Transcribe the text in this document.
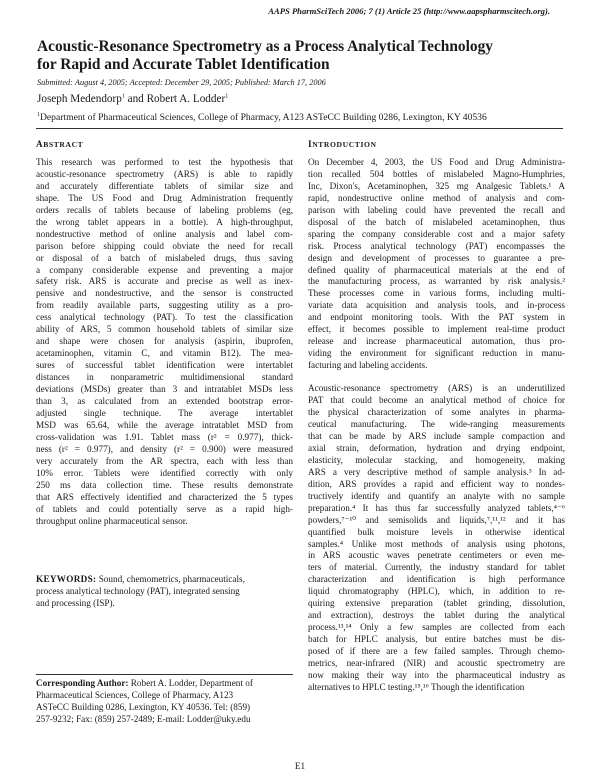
AAPS PharmSciTech 2006; 7 (1) Article 25 (http://www.aapspharmscitech.org).
Acoustic-Resonance Spectrometry as a Process Analytical Technology
for Rapid and Accurate Tablet Identification
Submitted: August 4, 2005; Accepted: December 29, 2005; Published: March 17, 2006
Joseph Medendorp$^1$ and Robert A. Lodder$^1$
$^1$Department of Pharmaceutical Sciences, College of Pharmacy, A123 ASTeCC Building 0286, Lexington, KY 40536
ABSTRACT
This research was performed to test the hypothesis that
acoustic-resonance spectrometry (ARS) is able to rapidly
and accurately differentiate tablets of similar size and
shape. The US Food and Drug Administration frequently
orders recalls of tablets because of labeling problems (eg,
the wrong tablet appears in a bottle). A high-throughput,
nondestructive method of online analysis and label com-
parison before shipping could obviate the need for recall
or disposal of a batch of mislabeled drugs, thus saving
a company considerable expense and preventing a major
safety risk. ARS is accurate and precise as well as inex-
pensive and nondestructive, and the sensor is constructed
from readily available parts, suggesting utility as a pro-
cess analytical technology (PAT). To test the classification
ability of ARS, 5 common household tablets of similar size
and shape were chosen for analysis (aspirin, ibuprofen,
acetaminophen, vitamin C, and vitamin B12). The mea-
sures of successful tablet identification were intertablet
distances in nonparametric multidimensional standard
deviations (MSDs) greater than 3 and intratablet MSDs less
than 3, as calculated from an extended bootstrap error-
adjusted single technique. The average intertablet
MSD was 65.64, while the average intratablet MSD from
cross-validation was 1.91. Tablet mass (r² = 0.977), thick-
ness (r² = 0.977), and density (r² = 0.900) were measured
very accurately from the AR spectra, each with less than
10% error. Tablets were identified correctly with only
250 ms data collection time. These results demonstrate
that ARS effectively identified and characterized the 5 types
of tablets and could potentially serve as a rapid high-
throughput online pharmaceutical sensor.
KEYWORDS: Sound, chemometrics, pharmaceuticals,
process analytical technology (PAT), integrated sensing
and processing (ISP).
Corresponding Author: Robert A. Lodder, Department of
Pharmaceutical Sciences, College of Pharmacy, A123
ASTeCC Building 0286, Lexington, KY 40536. Tel: (859)
257-9232; Fax: (859) 257-2489; E-mail: Lodder@uky.edu
INTRODUCTION
On December 4, 2003, the US Food and Drug Administra-
tion recalled 504 bottles of mislabeled Magno-Humphries,
Inc, Dixon's, Acetaminophen, 325 mg Analgesic Tablets.¹ A
rapid, nondestructive online method of analysis and com-
parison with labeling could have prevented the recall and
disposal of the batch of mislabeled acetaminophen, thus
sparing the company considerable cost and a major safety
risk. Process analytical technology (PAT) encompasses the
design and development of processes to guarantee a pre-
defined quality of pharmaceutical materials at the end of
the manufacturing process, as warranted by risk analysis.²
These processes come in various forms, including multi-
variate data acquisition and analysis tools, and in-process
and endpoint monitoring tools. With the PAT system in
effect, it becomes possible to implement real-time product
release and increase pharmaceutical automation, thus pro-
viding the environment for significant reduction in manu-
facturing and labeling accidents.
Acoustic-resonance spectrometry (ARS) is an underutilized
PAT that could become an analytical method of choice for
the physical characterization of some analytes in pharma-
ceutical manufacturing. The wide-ranging measurements
that can be made by ARS include sample compaction and
axial strain, deformation, hydration and drying endpoint,
elasticity, molecular stacking, and homogeneity, making
ARS a very descriptive method of sample analysis.³ In ad-
dition, ARS provides a rapid and efficient way to nondes-
tructively identify and quantify an analyte with no sample
preparation.⁴ It has thus far successfully analyzed tablets,⁴⁻⁶
powders,⁷⁻¹⁰ and semisolids and liquids,⁷,¹¹,¹² and it has
quantified bulk moisture levels in otherwise identical
samples.⁴ Unlike most methods of analysis using photons,
in ARS acoustic waves penetrate centimeters or even me-
ters of material. Currently, the industry standard for tablet
characterization and identification is high performance
liquid chromatography (HPLC), which, in addition to re-
quiring extensive preparation (tablet grinding, dissolution,
and extraction), destroys the tablet during the analytical
process.¹³,¹⁴ Only a few samples are collected from each
batch for HPLC analysis, but entire batches must be dis-
posed of if there are a few failed samples. Through chemo-
metrics, near-infrared (NIR) and acoustic spectrometry are
now making their way into the pharmaceutical industry as
alternatives to HPLC testing.¹⁵,¹⁶ Though the identification
E1
